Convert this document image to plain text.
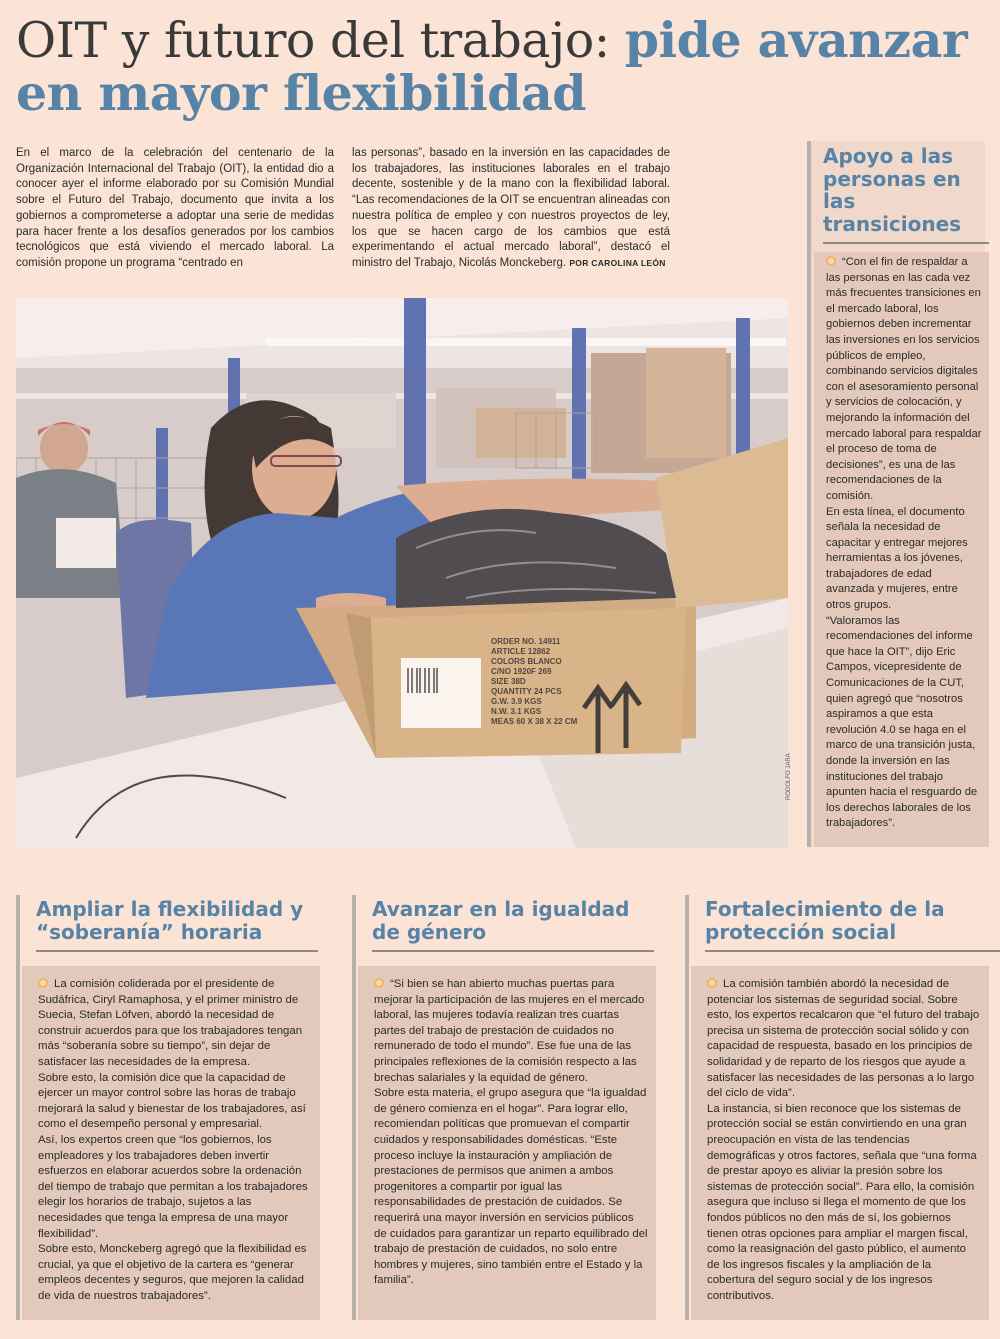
OIT y futuro del trabajo: pide avanzar en mayor flexibilidad

En el marco de la celebración del centenario de la Organización Internacional del Trabajo (OIT), la entidad dio a conocer ayer el informe elaborado por su Comisión Mundial sobre el Futuro del Trabajo, documento que invita a los gobiernos a comprometerse a adoptar una serie de medidas para hacer frente a los desafíos generados por los cambios tecnológicos que está viviendo el mercado laboral. La comisión propone un programa “centrado en

las personas”, basado en la inversión en las capacidades de los trabajadores, las instituciones laborales en el trabajo decente, sostenible y de la mano con la flexibilidad laboral. “Las recomendaciones de la OIT se encuentran alineadas con nuestra política de empleo y con nuestros proyectos de ley, los que se hacen cargo de los cambios que está experimentando el actual mercado laboral”, destacó el ministro del Trabajo, Nicolás Monckeberg. POR CAROLINA LEÓN

ORDER NO. 14911
ARTICLE 12862
COLORS BLANCO
C/NO 1920F 269
SIZE 38D
QUANTITY 24 PCS
G.W. 3.9 KGS
N.W. 3.1 KGS
MEAS 60 X 38 X 22 CM
RODOLFO JARA
Apoyo a las personas en las transiciones

“Con el fin de respaldar a las personas en las cada vez más frecuentes transiciones en el mercado laboral, los gobiernos deben incrementar las inversiones en los servicios públicos de empleo, combinando servicios digitales con el asesoramiento personal y servicios de colocación, y mejorando la información del mercado laboral para respaldar el proceso de toma de decisiones”, es una de las recomendaciones de la comisión.

En esta línea, el documento señala la necesidad de capacitar y entregar mejores herramientas a los jóvenes, trabajadores de edad avanzada y mujeres, entre otros grupos.

“Valoramos las recomendaciones del informe que hace la OIT”, dijo Eric Campos, vicepresidente de Comunicaciones de la CUT, quien agregó que “nosotros aspiramos a que esta revolución 4.0 se haga en el marco de una transición justa, donde la inversión en las instituciones del trabajo apunten hacia el resguardo de los derechos laborales de los trabajadores”.

Ampliar la flexibilidad y “soberanía” horaria

La comisión coliderada por el presidente de Sudáfrica, Ciryl Ramaphosa, y el primer ministro de Suecia, Stefan Löfven, abordó la necesidad de construir acuerdos para que los trabajadores tengan más “soberanía sobre su tiempo”, sin dejar de satisfacer las necesidades de la empresa.

Sobre esto, la comisión dice que la capacidad de ejercer un mayor control sobre las horas de trabajo mejorará la salud y bienestar de los trabajadores, así como el desempeño personal y empresarial.

Así, los expertos creen que “los gobiernos, los empleadores y los trabajadores deben invertir esfuerzos en elaborar acuerdos sobre la ordenación del tiempo de trabajo que permitan a los trabajadores elegir los horarios de trabajo, sujetos a las necesidades que tenga la empresa de una mayor flexibilidad”.

Sobre esto, Monckeberg agregó que la flexibilidad es crucial, ya que el objetivo de la cartera es “generar empleos decentes y seguros, que mejoren la calidad de vida de nuestros trabajadores”.

Avanzar en la igualdad de género

“Si bien se han abierto muchas puertas para mejorar la participación de las mujeres en el mercado laboral, las mujeres todavía realizan tres cuartas partes del trabajo de prestación de cuidados no remunerado de todo el mundo”. Ese fue una de las principales reflexiones de la comisión respecto a las brechas salariales y la equidad de género.

Sobre esta materia, el grupo asegura que “la igualdad de género comienza en el hogar”. Para lograr ello, recomiendan políticas que promuevan el compartir cuidados y responsabilidades domésticas. “Este proceso incluye la instauración y ampliación de prestaciones de permisos que animen a ambos progenitores a compartir por igual las responsabilidades de prestación de cuidados. Se requerirá una mayor inversión en servicios públicos de cuidados para garantizar un reparto equilibrado del trabajo de prestación de cuidados, no solo entre hombres y mujeres, sino también entre el Estado y la familia”.

Fortalecimiento de la protección social

La comisión también abordó la necesidad de potenciar los sistemas de seguridad social. Sobre esto, los expertos recalcaron que “el futuro del trabajo precisa un sistema de protección social sólido y con capacidad de respuesta, basado en los principios de solidaridad y de reparto de los riesgos que ayude a satisfacer las necesidades de las personas a lo largo del ciclo de vida”.

La instancia, si bien reconoce que los sistemas de protección social se están convirtiendo en una gran preocupación en vista de las tendencias demográficas y otros factores, señala que “una forma de prestar apoyo es aliviar la presión sobre los sistemas de protección social”. Para ello, la comisión asegura que incluso si llega el momento de que los fondos públicos no den más de sí, los gobiernos tienen otras opciones para ampliar el margen fiscal, como la reasignación del gasto público, el aumento de los ingresos fiscales y la ampliación de la cobertura del seguro social y de los ingresos contributivos.
